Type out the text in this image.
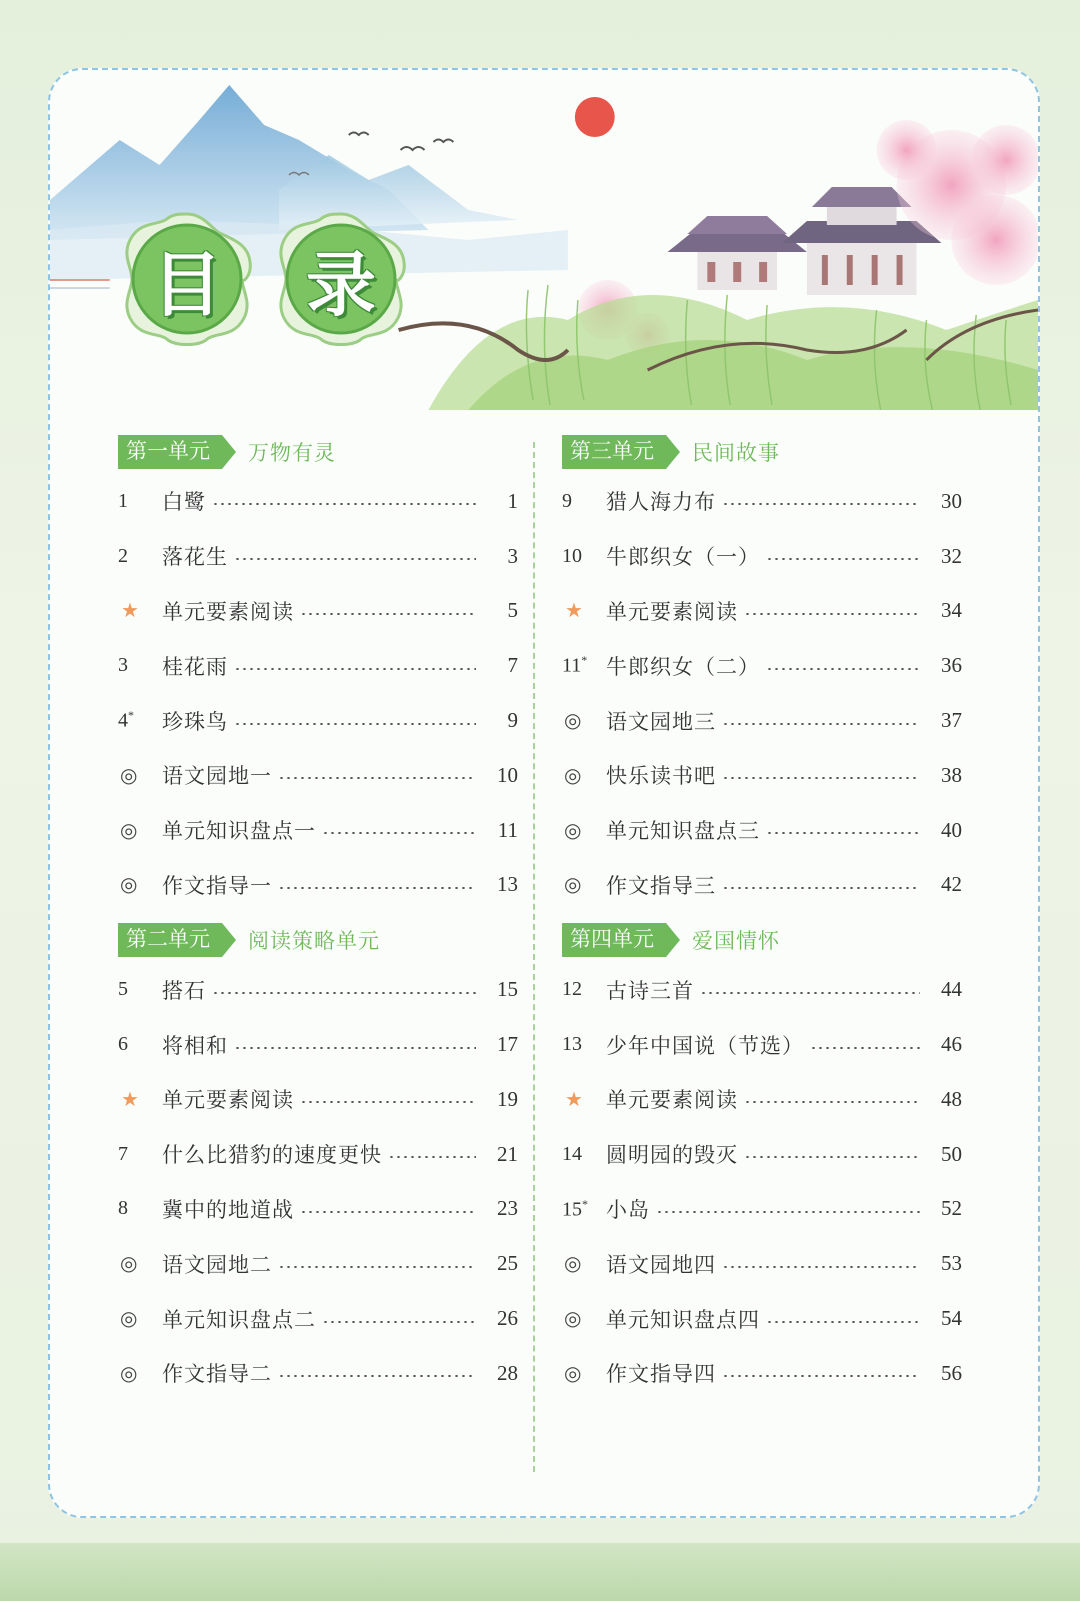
目	录
第一单元	万物有灵
1	白鹭	1
2	落花生	3
★	单元要素阅读	5
3	桂花雨	7
4*	珍珠鸟	9
◎	语文园地一	10
◎	单元知识盘点一	11
◎	作文指导一	13
第二单元	阅读策略单元
5	搭石	15
6	将相和	17
★	单元要素阅读	19
7	什么比猎豹的速度更快	21
8	冀中的地道战	23
◎	语文园地二	25
◎	单元知识盘点二	26
◎	作文指导二	28
第三单元	民间故事
9	猎人海力布	30
10	牛郎织女（一）	32
★	单元要素阅读	34
11* 牛郎织女（二）	36
◎	语文园地三	37
◎	快乐读书吧	38
◎	单元知识盘点三	40
◎	作文指导三	42
第四单元	爱国情怀
12	古诗三首	44
13	少年中国说（节选）	46
★	单元要素阅读	48
14	圆明园的毁灭	50
15* 小岛	52
◎	语文园地四	53
◎	单元知识盘点四	54
◎	作文指导四	56
